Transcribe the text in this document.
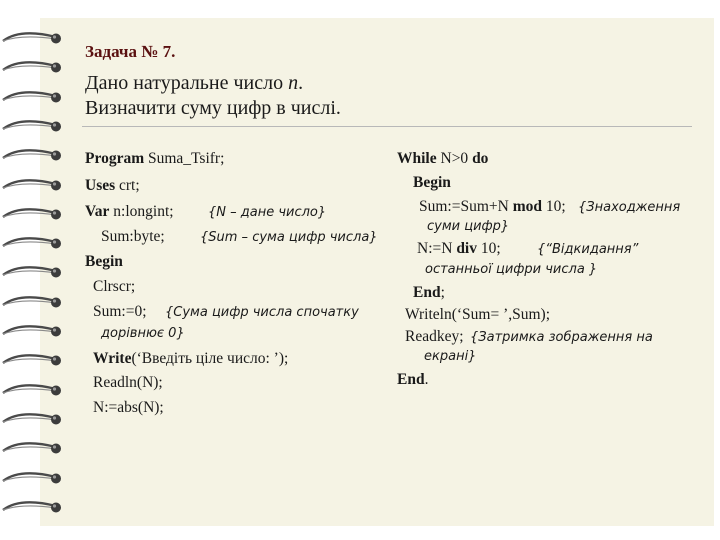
Задача № 7.
Дано натуральне число n.
Визначити суму цифр в числі.
Program Suma_Tsifr;
Uses crt;
Var n:longint;	{N – дане число}
Sum:byte;	{Sum – сума цифр числа}
Begin
Clrscr;
Sum:=0; {Сума цифр числа спочатку
дорівнює 0}
Write(‘Введіть ціле число: ’);
Readln(N);
N:=abs(N);
While N>0 do
Begin
Sum:=Sum+N mod 10; {Знаходження
суми цифр}
N:=N div 10;	{“Відкидання”
останньої цифри числа }
End;
Writeln(‘Sum= ’,Sum);
Readkey; {Затримка зображення на
екрані}
End.
